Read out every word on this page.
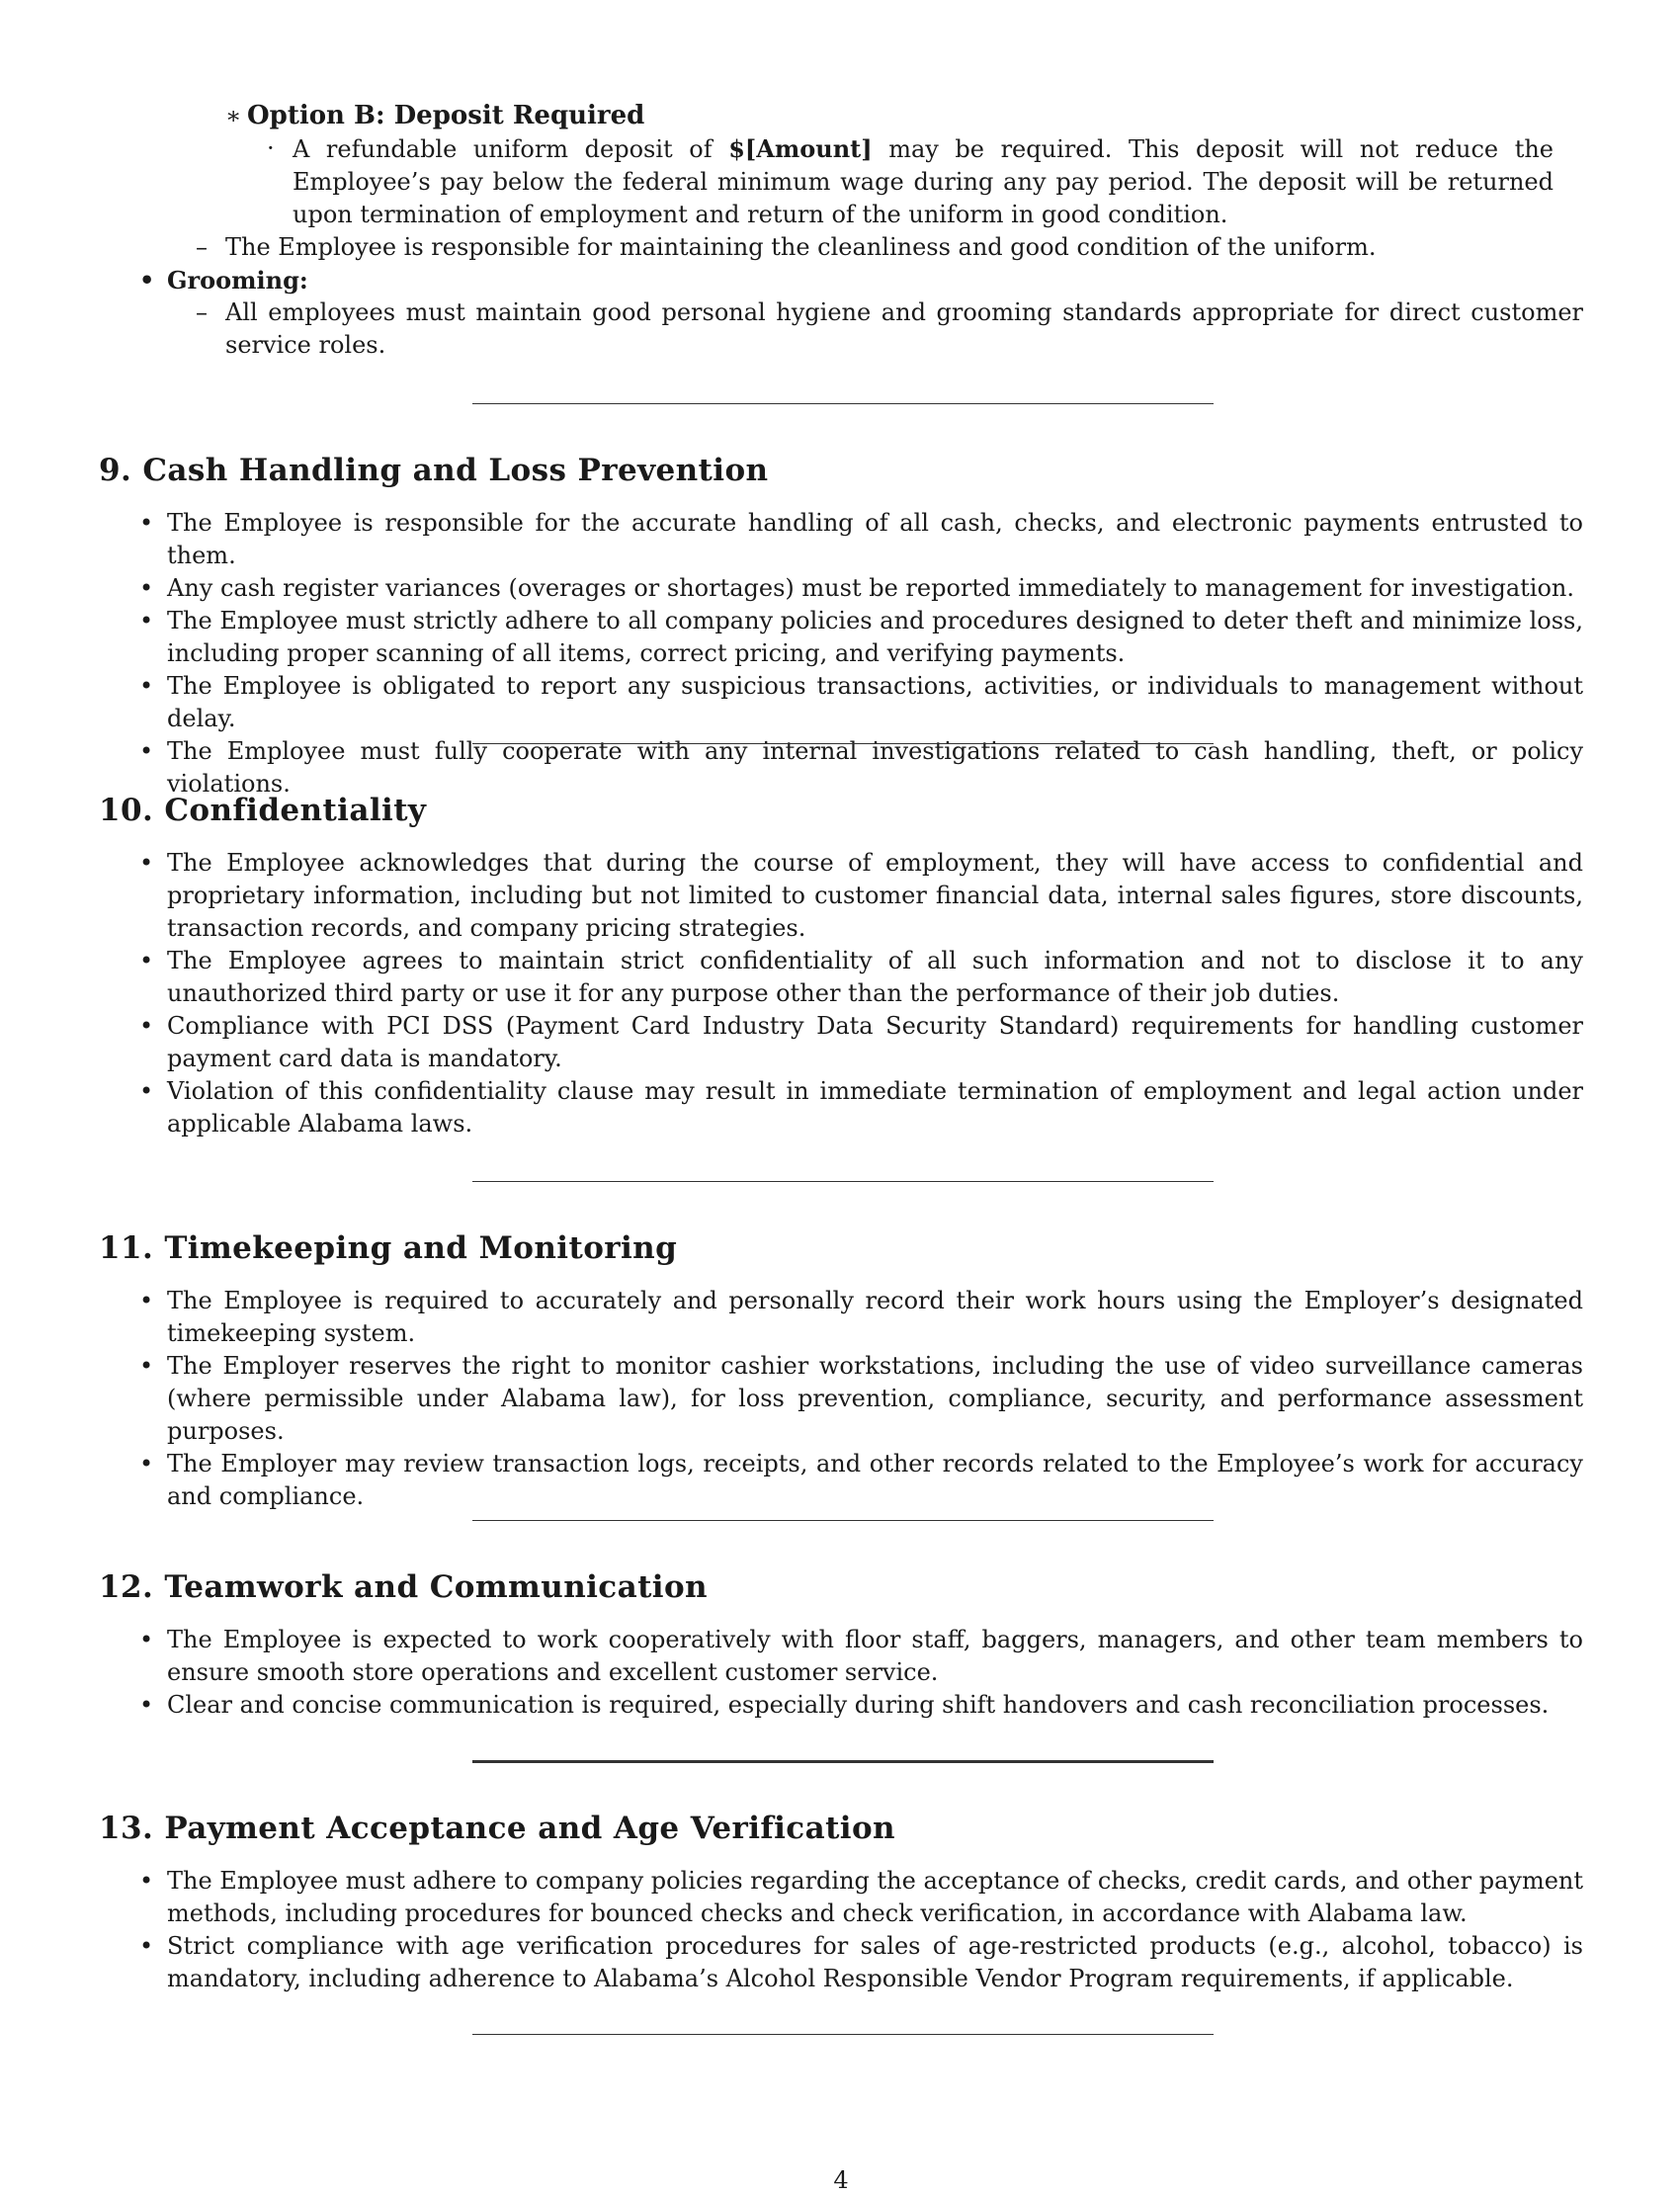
∗ Option B: Deposit Required

· A refundable uniform deposit of $[Amount] may be required. This deposit will not reduce the Employee’s pay below the federal minimum wage during any pay period. The deposit will be returned upon termination of employment and return of the uniform in good condition.

– The Employee is responsible for maintaining the cleanliness and good condition of the uniform.

• Grooming:

– All employees must maintain good personal hygiene and grooming standards appropriate for direct customer service roles.

9. Cash Handling and Loss Prevention
• The Employee is responsible for the accurate handling of all cash, checks, and electronic payments entrusted to them.
• Any cash register variances (overages or shortages) must be reported immediately to management for investigation.
• The Employee must strictly adhere to all company policies and procedures designed to deter theft and minimize loss, including proper scanning of all items, correct pricing, and verifying payments.
• The Employee is obligated to report any suspicious transactions, activities, or individuals to management without delay.
• The Employee must fully cooperate with any internal investigations related to cash handling, theft, or policy violations.
10. Confidentiality
• The Employee acknowledges that during the course of employment, they will have access to confidential and proprietary information, including but not limited to customer financial data, internal sales figures, store discounts, transaction records, and company pricing strategies.
• The Employee agrees to maintain strict confidentiality of all such information and not to disclose it to any unauthorized third party or use it for any purpose other than the performance of their job duties.
• Compliance with PCI DSS (Payment Card Industry Data Security Standard) requirements for handling customer payment card data is mandatory.
• Violation of this confidentiality clause may result in immediate termination of employment and legal action under applicable Alabama laws.
11. Timekeeping and Monitoring
• The Employee is required to accurately and personally record their work hours using the Employer’s designated timekeeping system.
• The Employer reserves the right to monitor cashier workstations, including the use of video surveillance cameras (where permissible under Alabama law), for loss prevention, compliance, security, and performance assessment purposes.
• The Employer may review transaction logs, receipts, and other records related to the Employee’s work for accuracy and compliance.
12. Teamwork and Communication
• The Employee is expected to work cooperatively with floor staff, baggers, managers, and other team members to ensure smooth store operations and excellent customer service.
• Clear and concise communication is required, especially during shift handovers and cash reconciliation processes.
13. Payment Acceptance and Age Verification
• The Employee must adhere to company policies regarding the acceptance of checks, credit cards, and other payment methods, including procedures for bounced checks and check verification, in accordance with Alabama law.
• Strict compliance with age verification procedures for sales of age-restricted products (e.g., alcohol, tobacco) is mandatory, including adherence to Alabama’s Alcohol Responsible Vendor Program requirements, if applicable.
4
